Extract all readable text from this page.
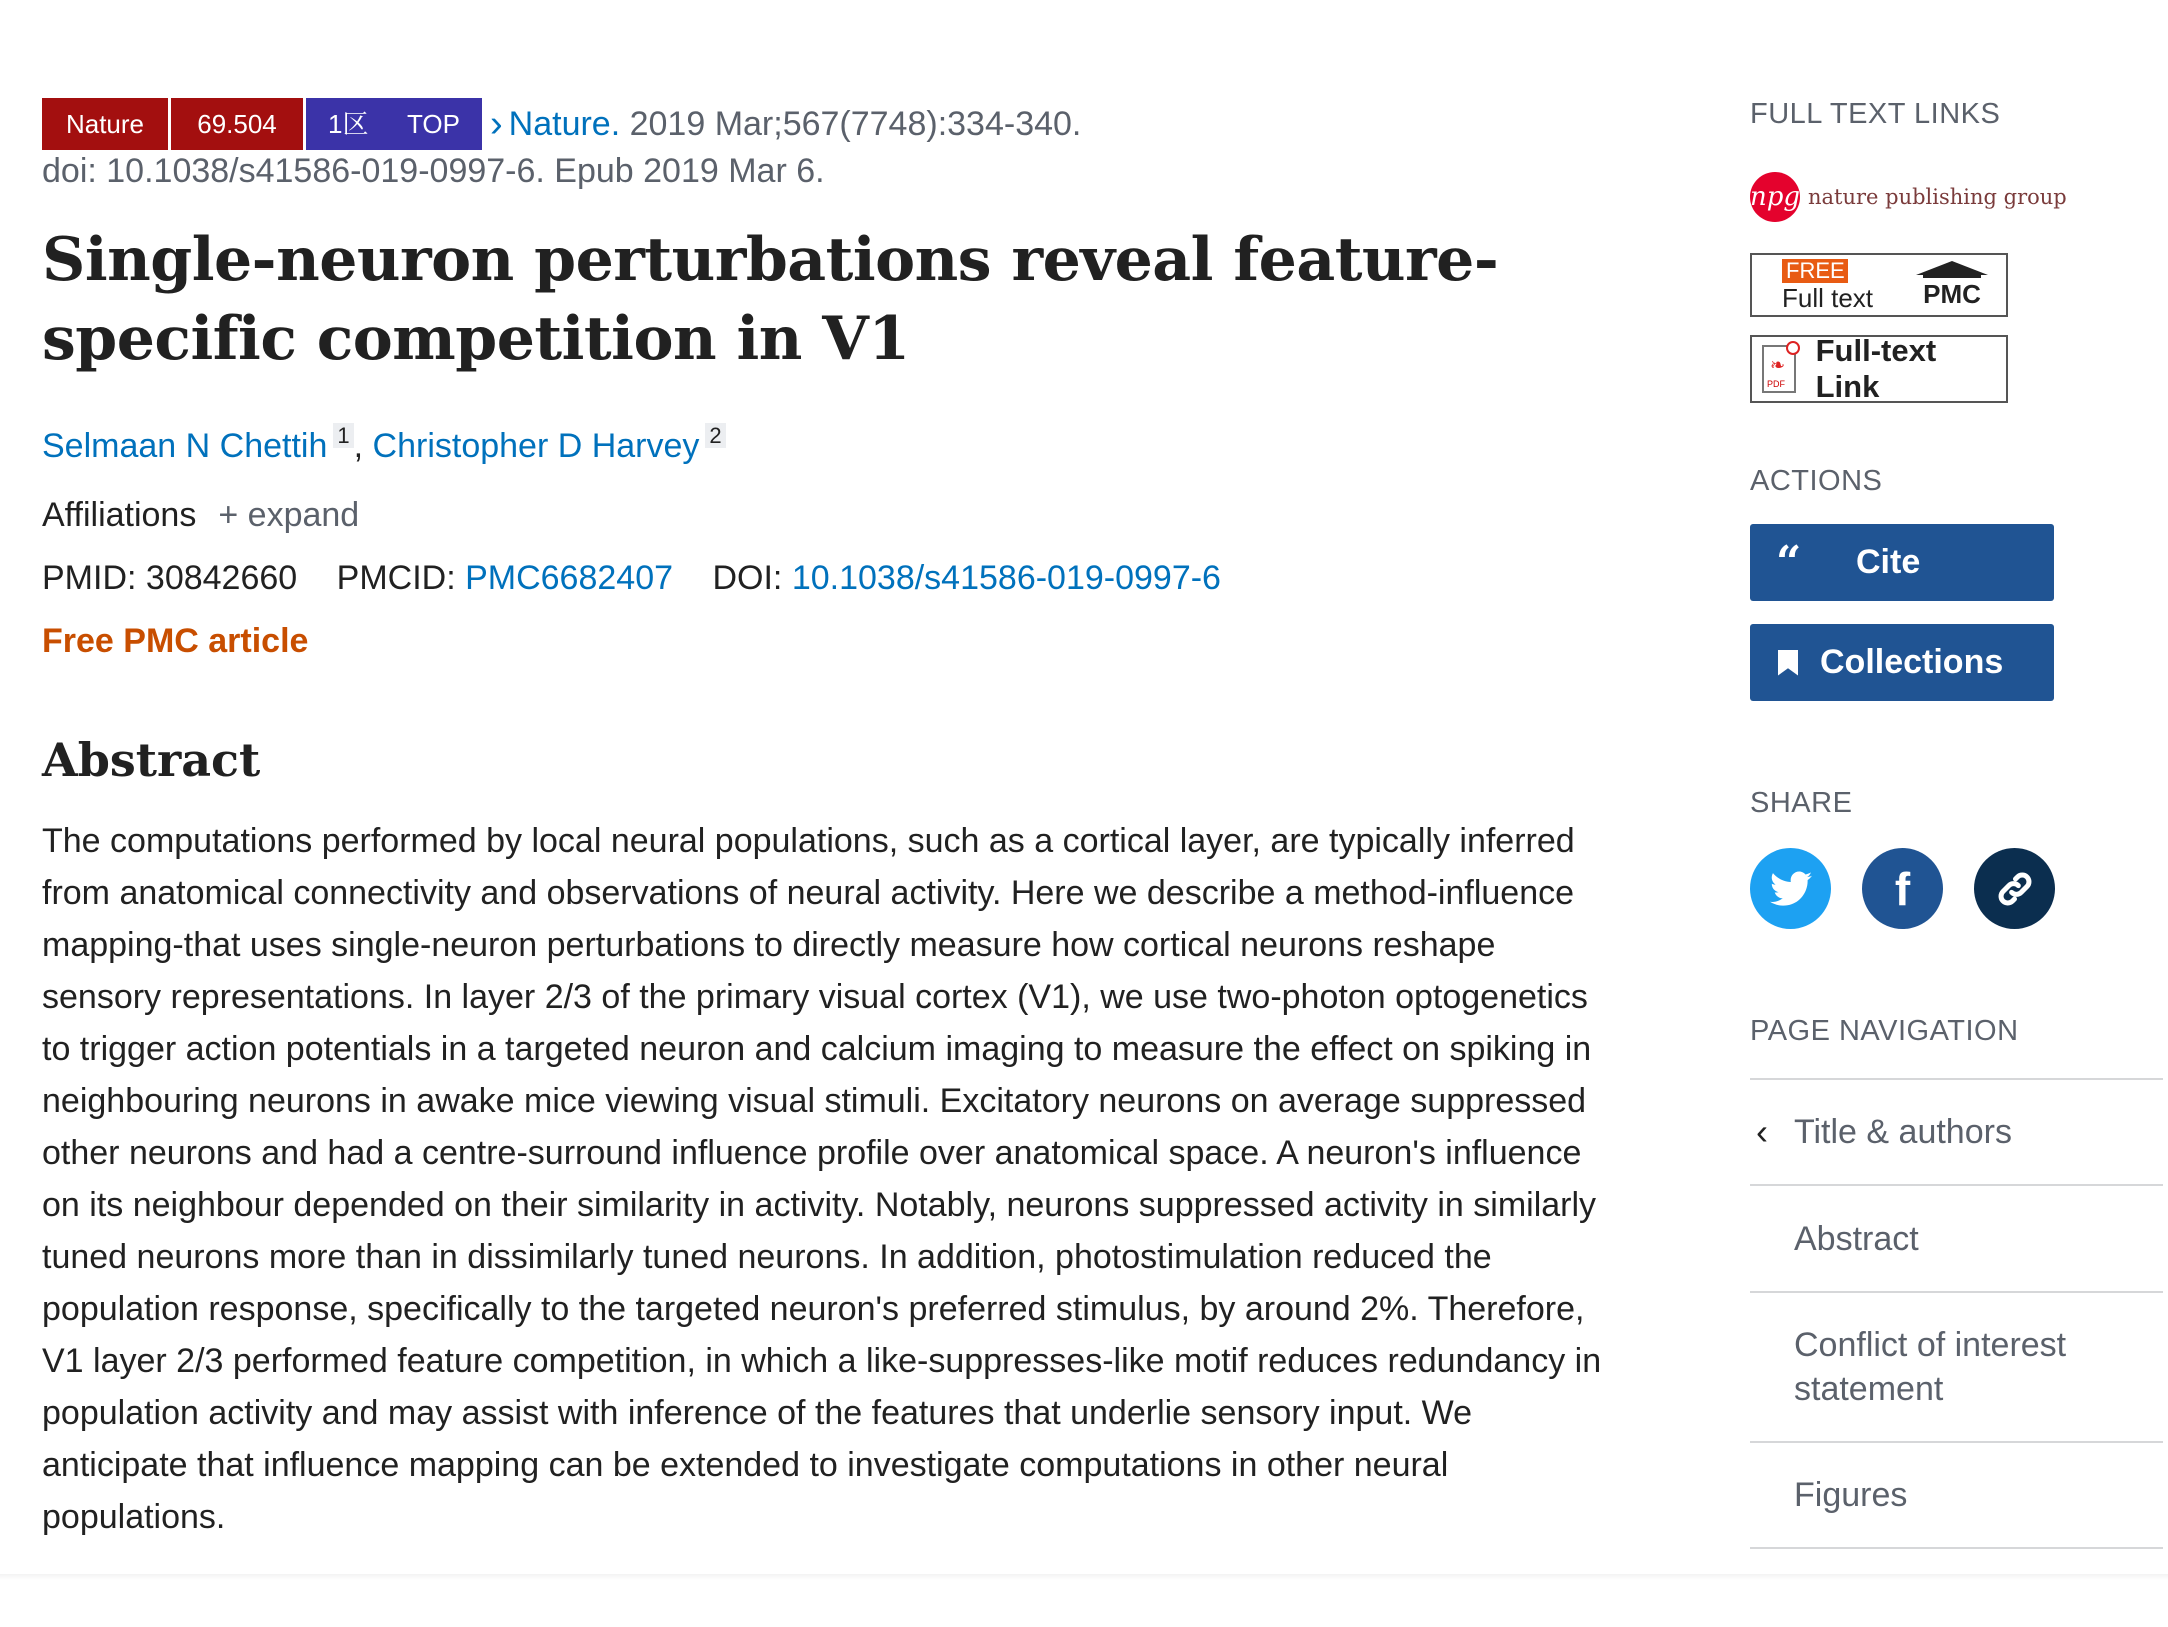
Nature	69.504	1区 TOP › Nature. 2019 Mar;567(7748):334-340.
doi: 10.1038/s41586-019-0997-6. Epub 2019 Mar 6.
Single-neuron perturbations reveal feature-specific competition in V1
Selmaan N Chettih $^1$ , Christopher D Harvey $^2$
Affiliations + expand
PMID: 30842660 PMCID: PMC6682407 DOI: 10.1038/s41586-019-0997-6
Free PMC article
Abstract
The computations performed by local neural populations, such as a cortical layer, are typically inferred from anatomical connectivity and observations of neural activity. Here we describe a method-influence mapping-that uses single-neuron perturbations to directly measure how cortical neurons reshape sensory representations. In layer 2/3 of the primary visual cortex (V1), we use two-photon optogenetics to trigger action potentials in a targeted neuron and calcium imaging to measure the effect on spiking in neighbouring neurons in awake mice viewing visual stimuli. Excitatory neurons on average suppressed other neurons and had a centre-surround influence profile over anatomical space. A neuron's influence on its neighbour depended on their similarity in activity. Notably, neurons suppressed activity in similarly tuned neurons more than in dissimilarly tuned neurons. In addition, photostimulation reduced the population response, specifically to the targeted neuron's preferred stimulus, by around 2%. Therefore, V1 layer 2/3 performed feature competition, in which a like-suppresses-like motif reduces redundancy in population activity and may assist with inference of the features that underlie sensory input. We anticipate that influence mapping can be extended to investigate computations in other neural populations.
FULL TEXT LINKS
npg nature publishing group
FREE
Full text PMC
❧
PDF Full-text Link
ACTIONS
“	Cite
Collections
SHARE
f
PAGE NAVIGATION
‹ Title & authors
Abstract
Conflict of interest statement
Figures
